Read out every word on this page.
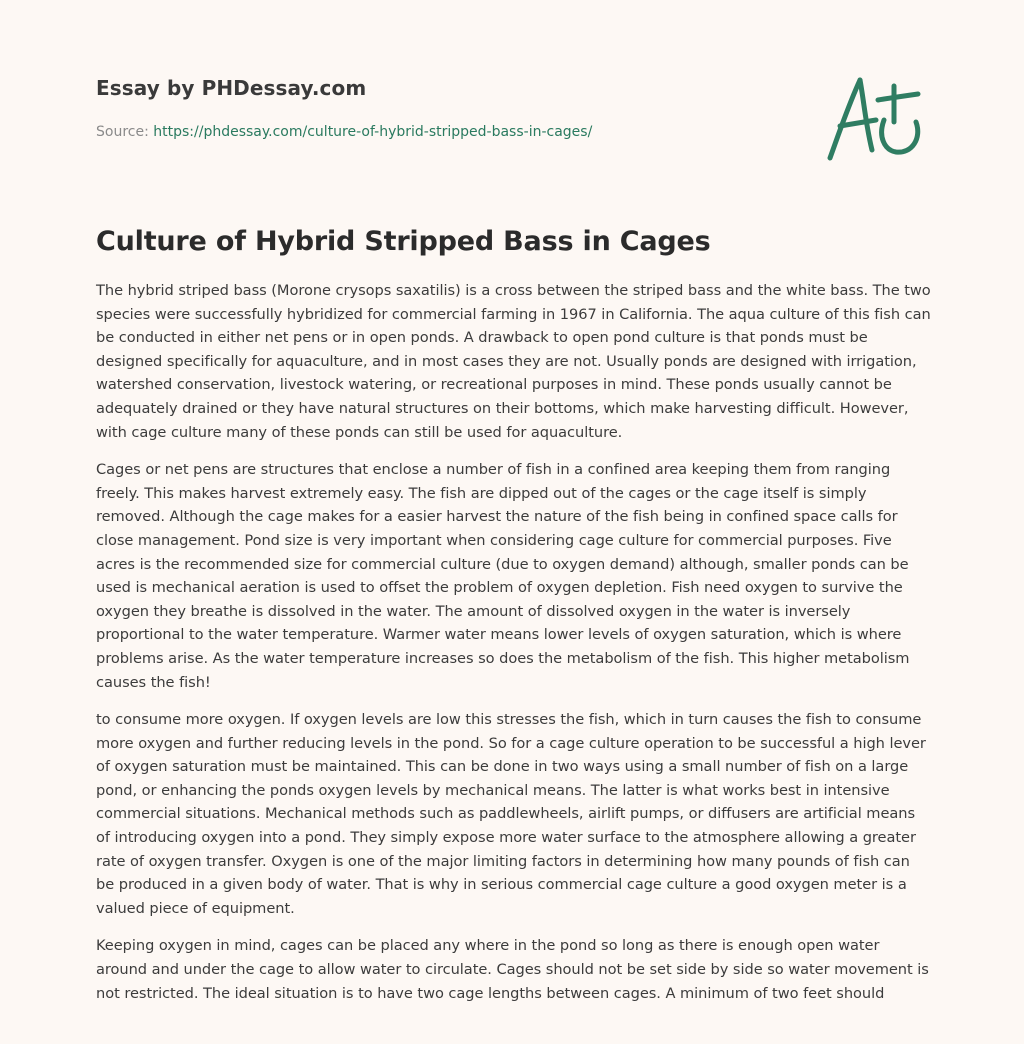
Essay by PHDessay.com
Source: https://phdessay.com/culture-of-hybrid-stripped-bass-in-cages/
Culture of Hybrid Stripped Bass in Cages

The hybrid striped bass (Morone crysops saxatilis) is a cross between the striped bass and the white bass. The two species were successfully hybridized for commercial farming in 1967 in California. The aqua culture of this fish can be conducted in either net pens or in open ponds. A drawback to open pond culture is that ponds must be designed specifically for aquaculture, and in most cases they are not. Usually ponds are designed with irrigation, watershed conservation, livestock watering, or recreational purposes in mind. These ponds usually cannot be adequately drained or they have natural structures on their bottoms, which make harvesting difficult. However, with cage culture many of these ponds can still be used for aquaculture.

Cages or net pens are structures that enclose a number of fish in a confined area keeping them from ranging freely. This makes harvest extremely easy. The fish are dipped out of the cages or the cage itself is simply removed. Although the cage makes for a easier harvest the nature of the fish being in confined space calls for close management. Pond size is very important when considering cage culture for commercial purposes. Five acres is the recommended size for commercial culture (due to oxygen demand) although, smaller ponds can be used is mechanical aeration is used to offset the problem of oxygen depletion. Fish need oxygen to survive the oxygen they breathe is dissolved in the water. The amount of dissolved oxygen in the water is inversely proportional to the water temperature. Warmer water means lower levels of oxygen saturation, which is where problems arise. As the water temperature increases so does the metabolism of the fish. This higher metabolism causes the fish!

to consume more oxygen. If oxygen levels are low this stresses the fish, which in turn causes the fish to consume more oxygen and further reducing levels in the pond. So for a cage culture operation to be successful a high lever of oxygen saturation must be maintained. This can be done in two ways using a small number of fish on a large pond, or enhancing the ponds oxygen levels by mechanical means. The latter is what works best in intensive commercial situations. Mechanical methods such as paddlewheels, airlift pumps, or diffusers are artificial means of introducing oxygen into a pond. They simply expose more water surface to the atmosphere allowing a greater rate of oxygen transfer. Oxygen is one of the major limiting factors in determining how many pounds of fish can be produced in a given body of water. That is why in serious commercial cage culture a good oxygen meter is a valued piece of equipment.

Keeping oxygen in mind, cages can be placed any where in the pond so long as there is enough open water around and under the cage to allow water to circulate. Cages should not be set side by side so water movement is not restricted. The ideal situation is to have two cage lengths between cages. A minimum of two feet should
